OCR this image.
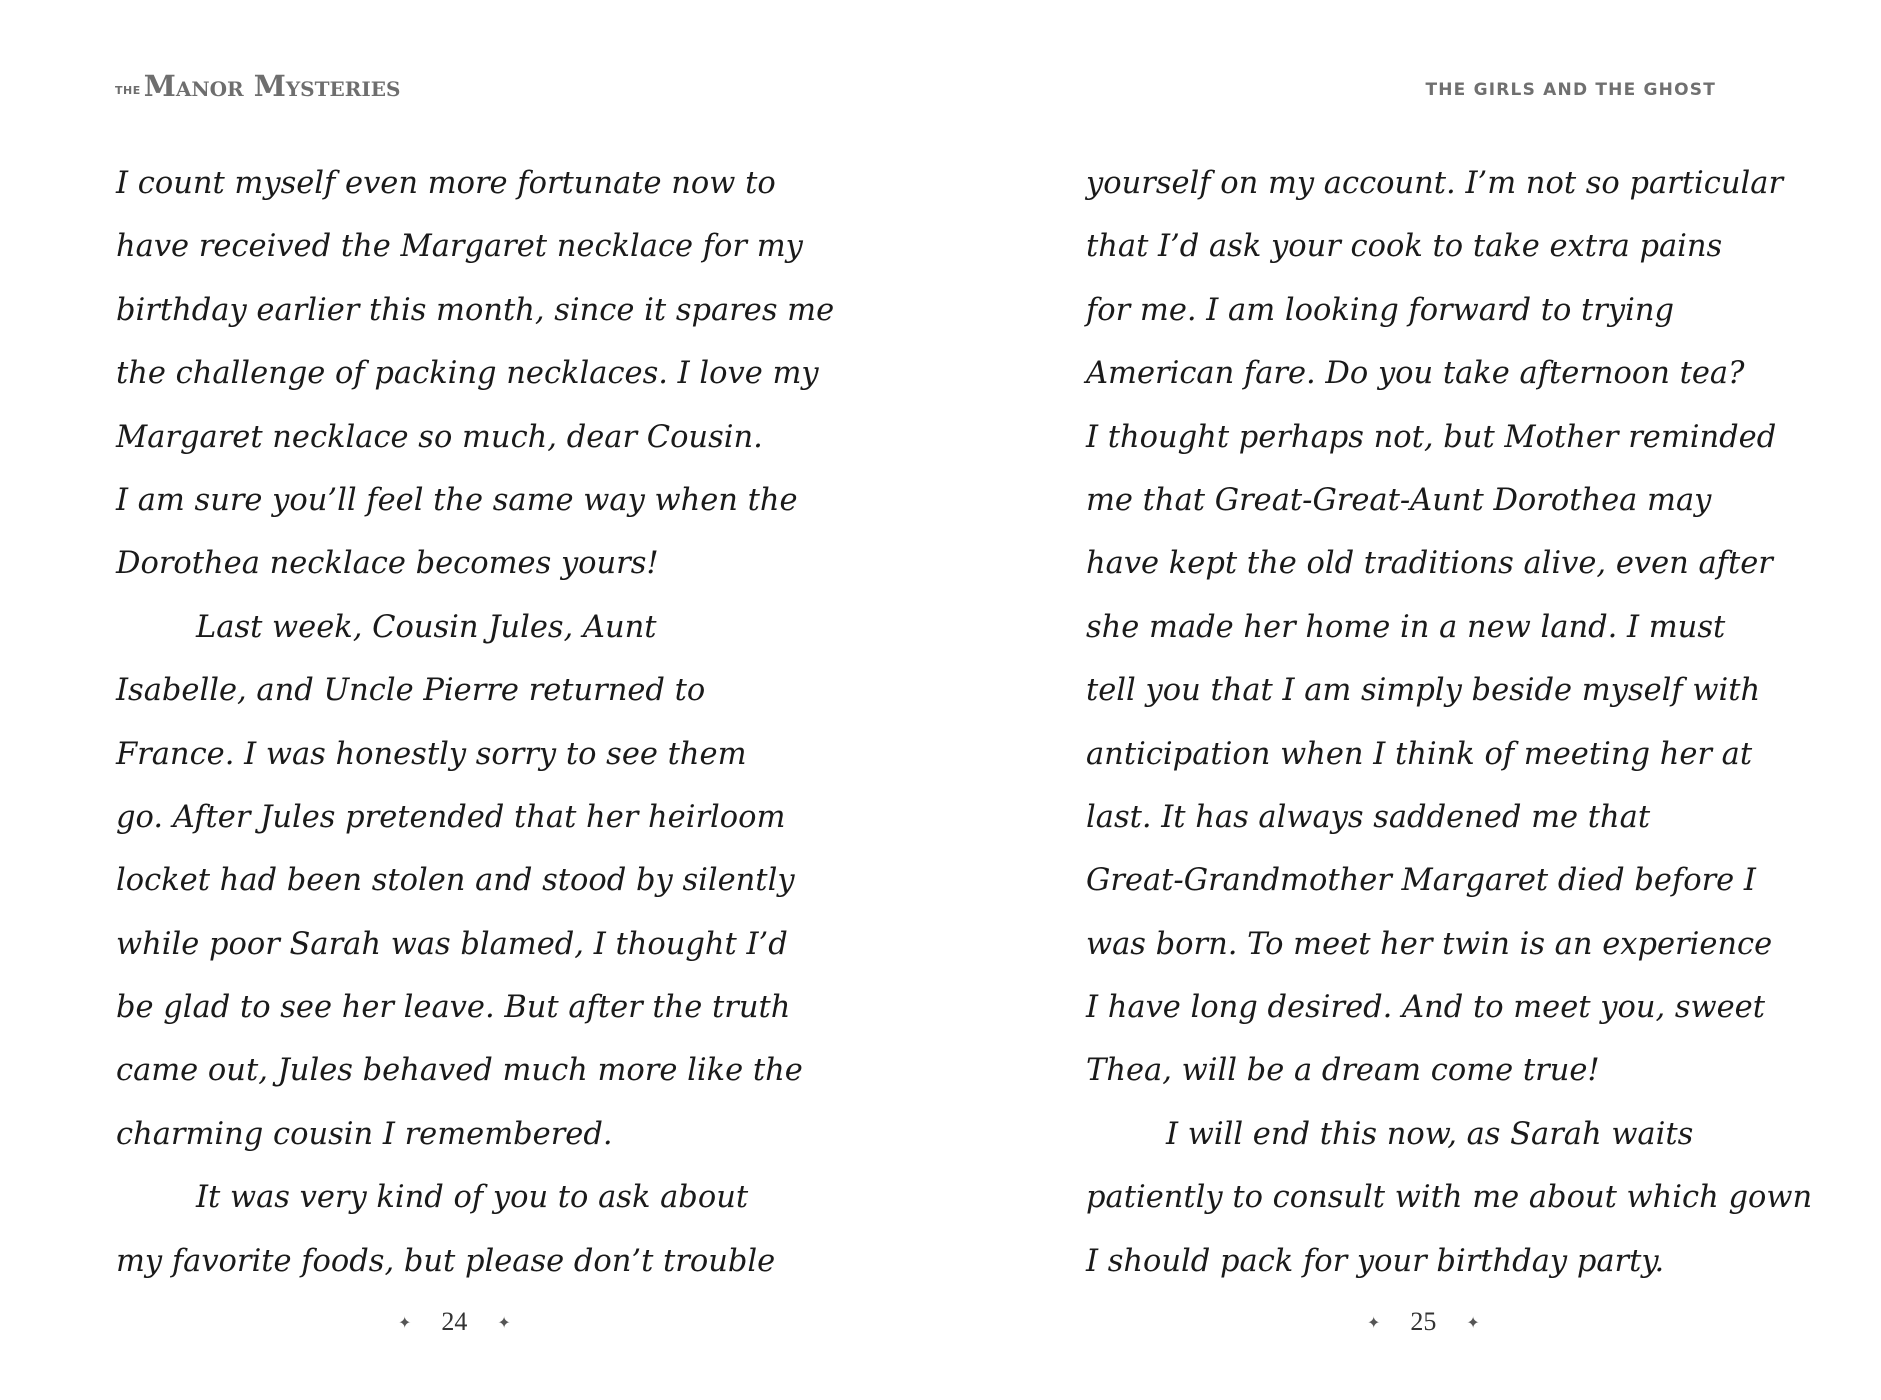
THE Manor Mysteries
I count myself even more fortunate now to
have received the Margaret necklace for my
birthday earlier this month, since it spares me
the challenge of packing necklaces. I love my
Margaret necklace so much, dear Cousin.
I am sure you’ll feel the same way when the
Dorothea necklace becomes yours!
Last week, Cousin Jules, Aunt
Isabelle, and Uncle Pierre returned to
France. I was honestly sorry to see them
go. After Jules pretended that her heirloom
locket had been stolen and stood by silently
while poor Sarah was blamed, I thought I’d
be glad to see her leave. But after the truth
came out, Jules behaved much more like the
charming cousin I remembered.
It was very kind of you to ask about
my favorite foods, but please don’t trouble
✦ 24 ✦
THE GIRLS AND THE GHOST
yourself on my account. I’m not so particular
that I’d ask your cook to take extra pains
for me. I am looking forward to trying
American fare. Do you take afternoon tea?
I thought perhaps not, but Mother reminded
me that Great-Great-Aunt Dorothea may
have kept the old traditions alive, even after
she made her home in a new land. I must
tell you that I am simply beside myself with
anticipation when I think of meeting her at
last. It has always saddened me that
Great-Grandmother Margaret died before I
was born. To meet her twin is an experience
I have long desired. And to meet you, sweet
Thea, will be a dream come true!
I will end this now, as Sarah waits
patiently to consult with me about which gown
I should pack for your birthday party.
✦ 25 ✦
